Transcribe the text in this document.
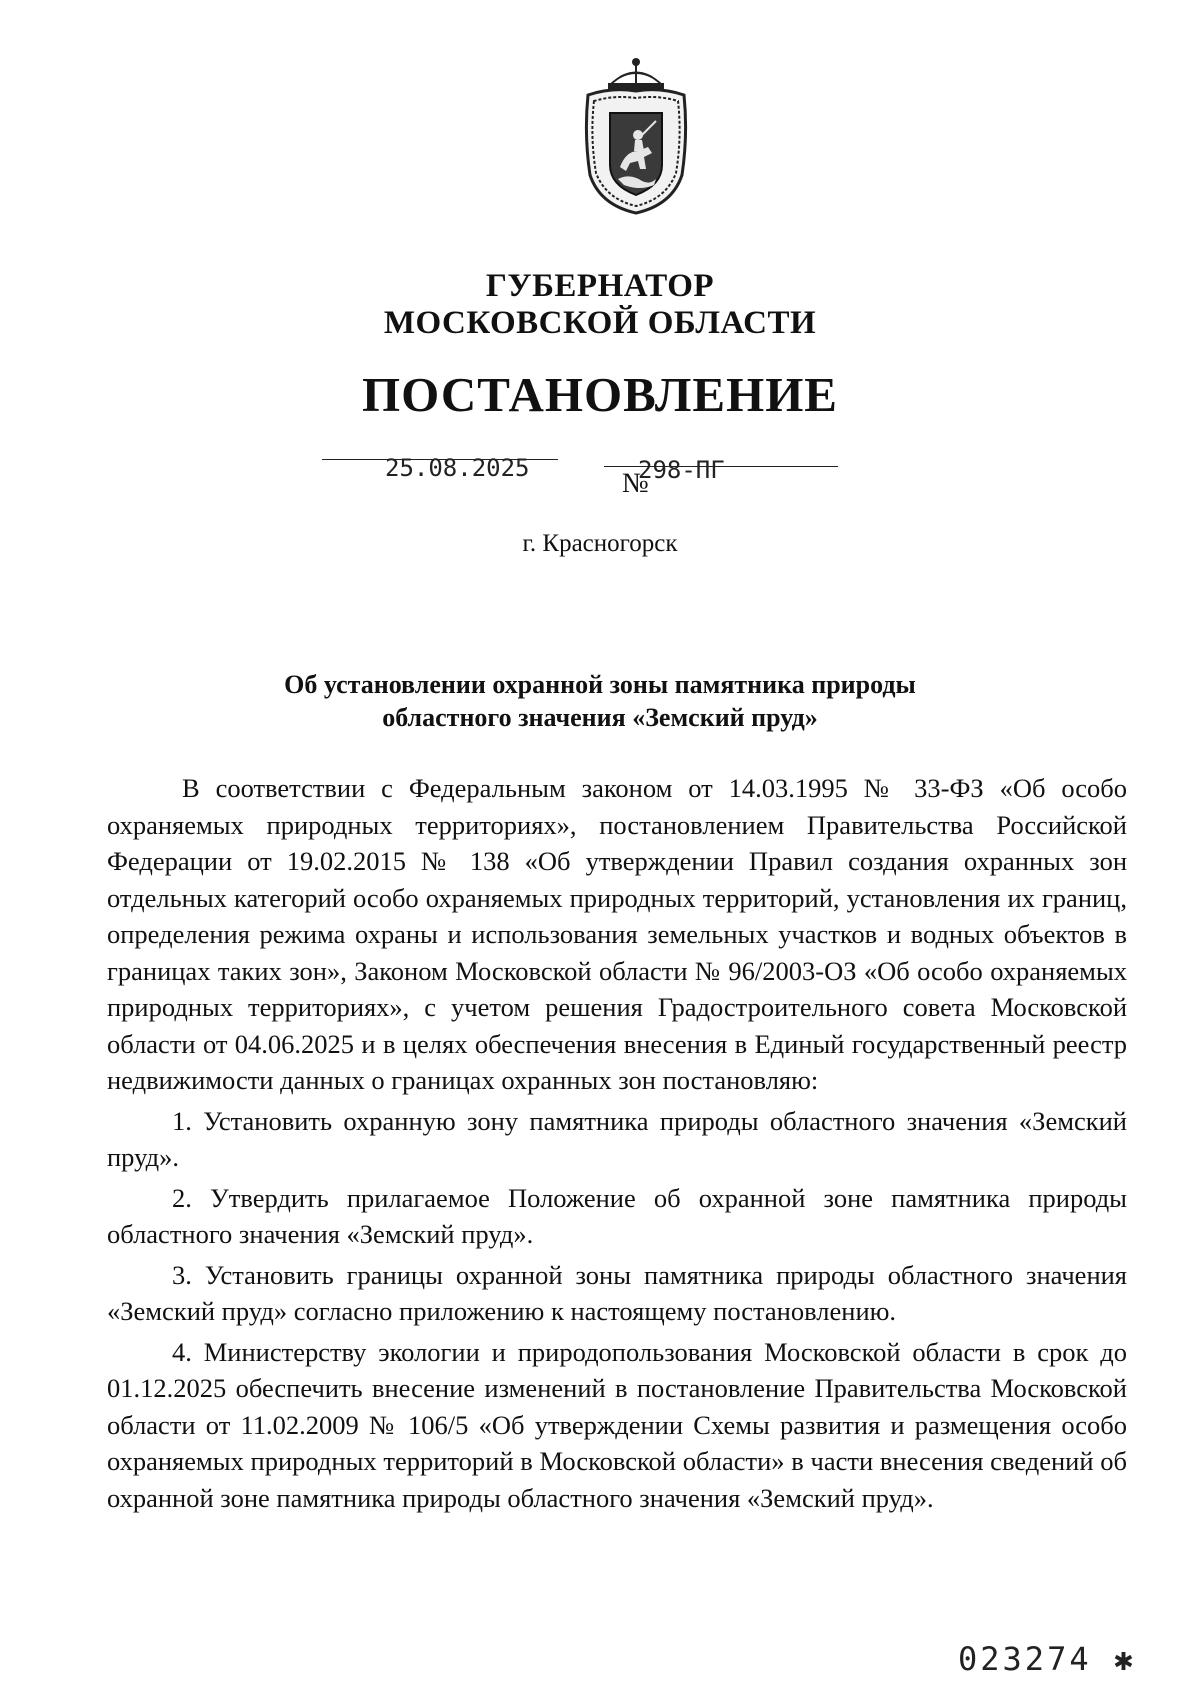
ГУБЕРНАТОР
МОСКОВСКОЙ ОБЛАСТИ
ПОСТАНОВЛЕНИЕ
25.08.2025	№
298-ПГ
г. Красногорск
Об установлении охранной зоны памятника природы
областного значения «Земский пруд»

В соответствии с Федеральным законом от 14.03.1995 № 33-ФЗ «Об особо охраняемых природных территориях», постановлением Правительства Российской Федерации от 19.02.2015 № 138 «Об утверждении Правил создания охранных зон отдельных категорий особо охраняемых природных территорий, установления их границ, определения режима охраны и использования земельных участков и водных объектов в границах таких зон», Законом Московской области № 96/2003-ОЗ «Об особо охраняемых природных территориях», с учетом решения Градостроительного совета Московской области от 04.06.2025 и в целях обеспечения внесения в Единый государственный реестр недвижимости данных о границах охранных зон постановляю:

1. Установить охранную зону памятника природы областного значения «Земский пруд».

2. Утвердить прилагаемое Положение об охранной зоне памятника природы областного значения «Земский пруд».

3. Установить границы охранной зоны памятника природы областного значения «Земский пруд» согласно приложению к настоящему постановлению.

4. Министерству экологии и природопользования Московской области в срок до 01.12.2025 обеспечить внесение изменений в постановление Правительства Московской области от 11.02.2009 № 106/5 «Об утверждении Схемы развития и размещения особо охраняемых природных территорий в Московской области» в части внесения сведений об охранной зоне памятника природы областного значения «Земский пруд».

023274 ✱
